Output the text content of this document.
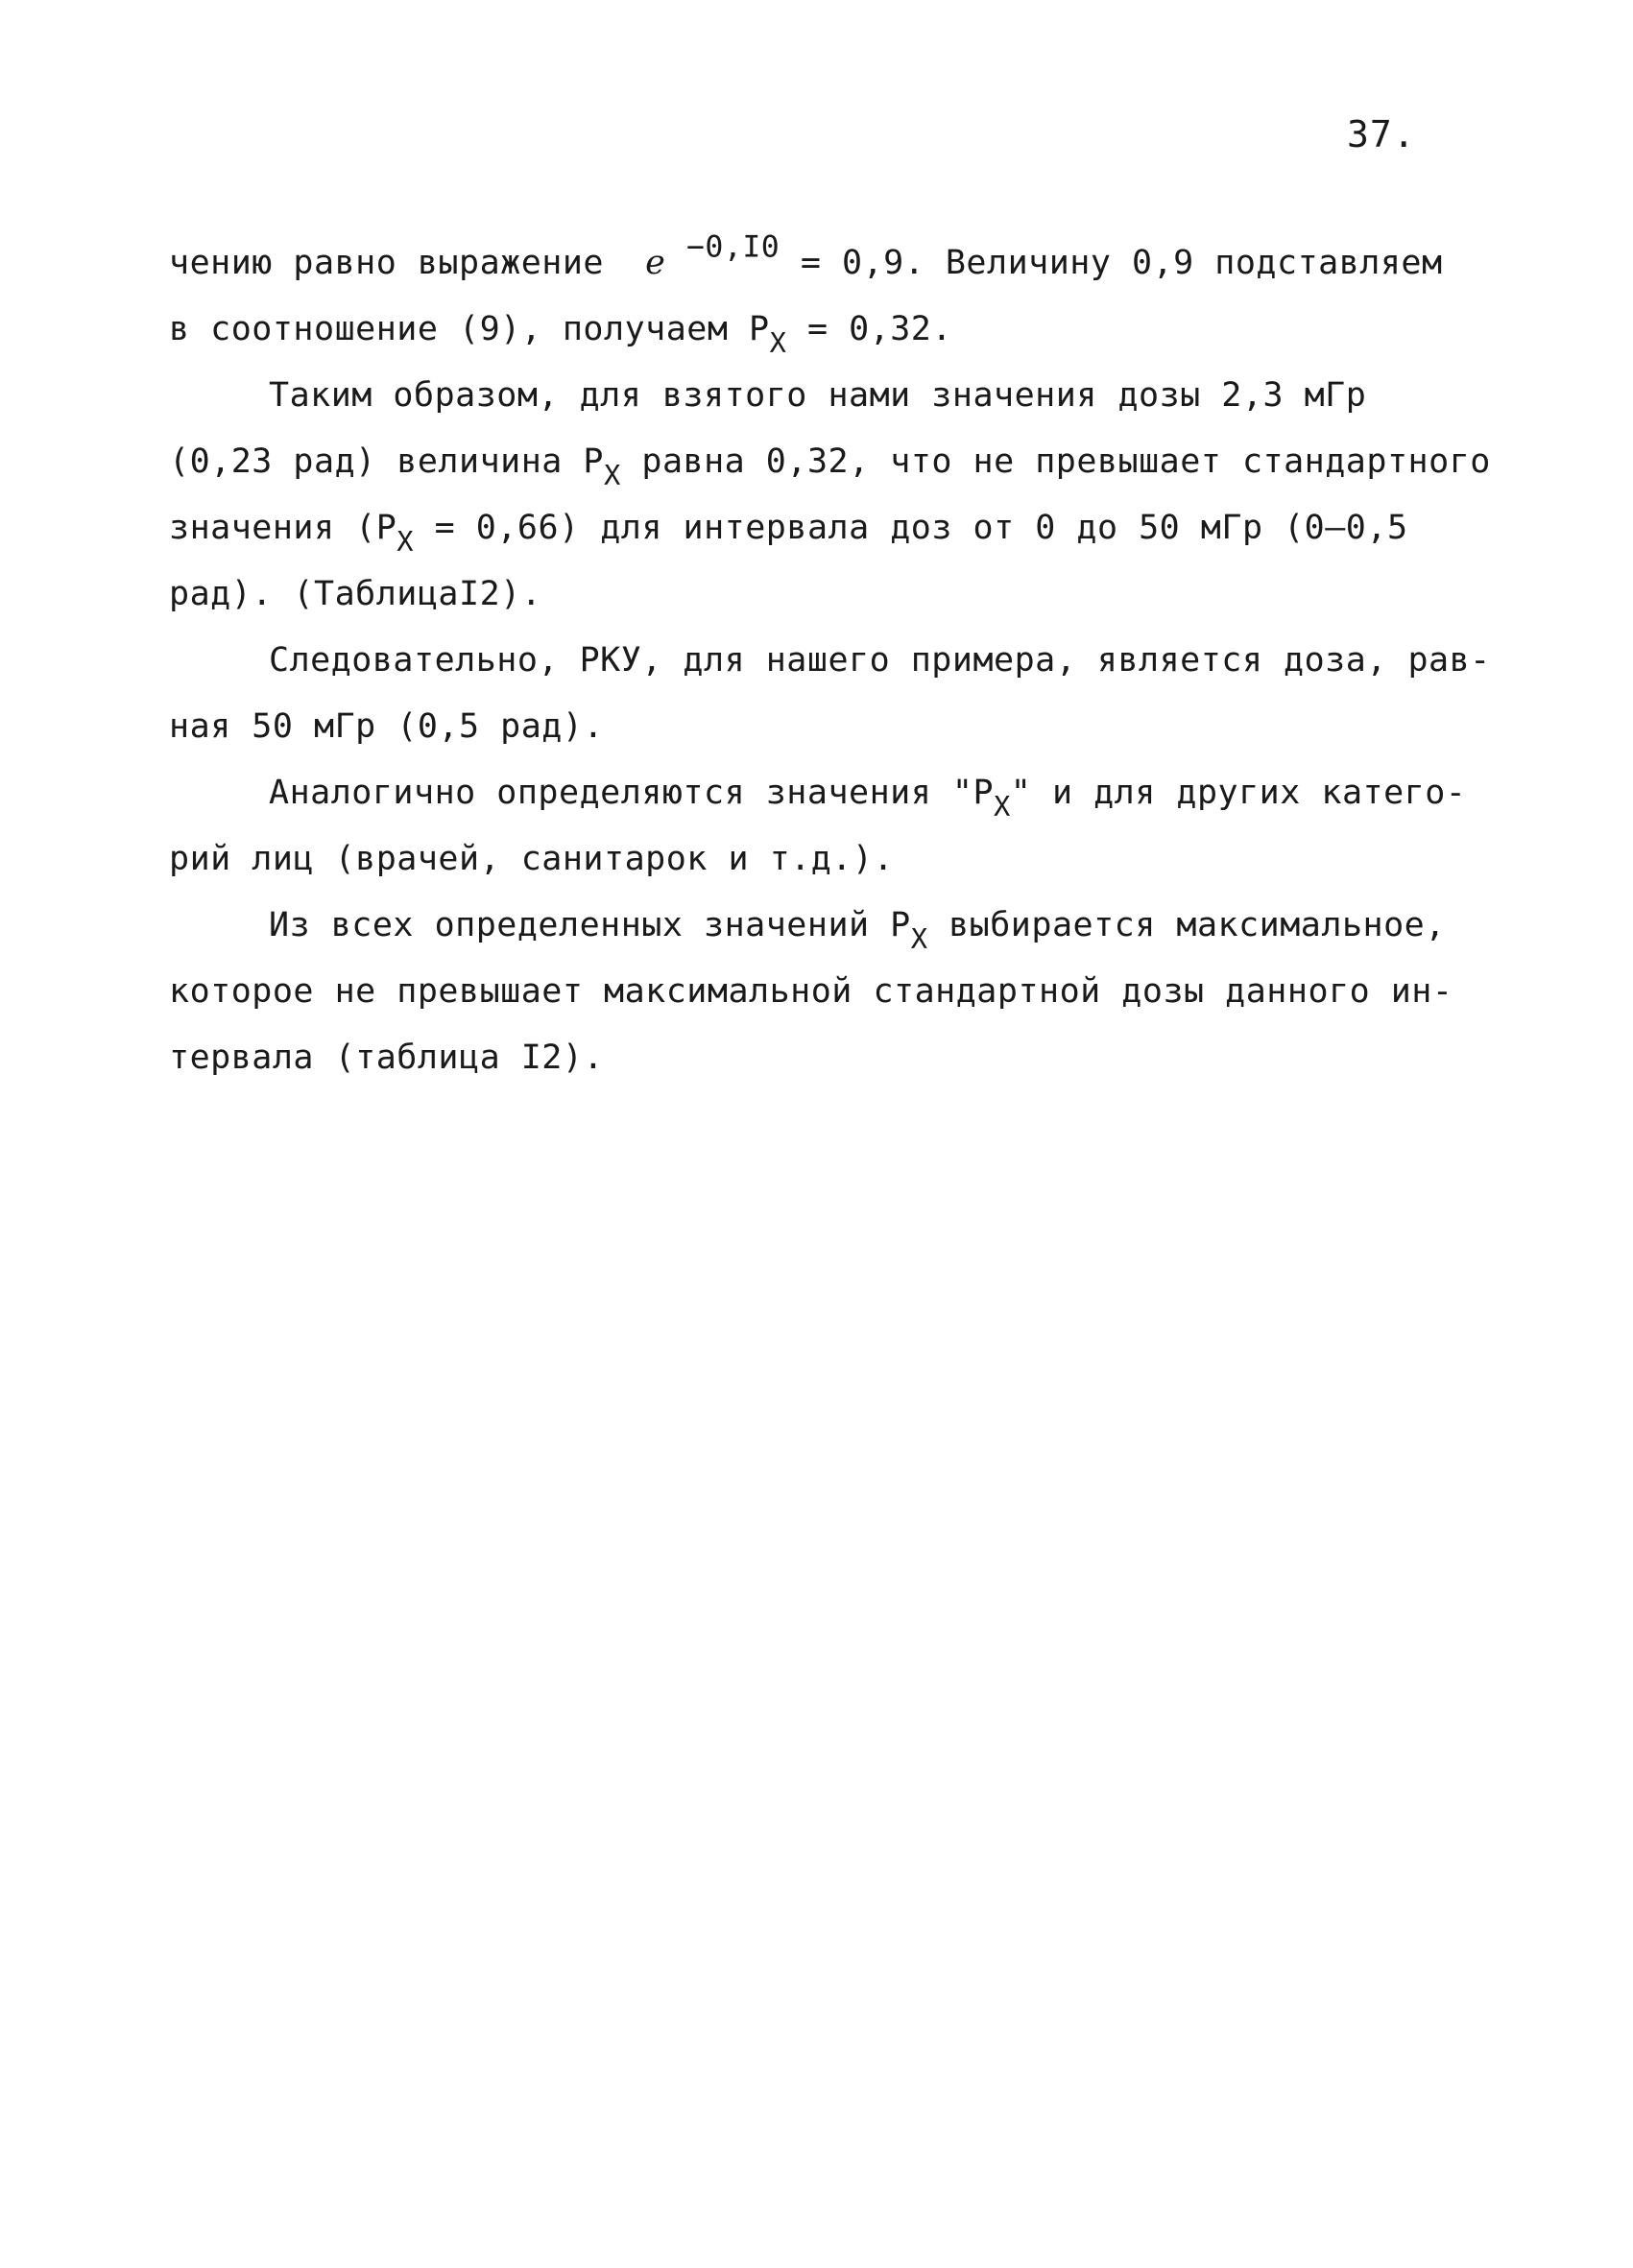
37.
чению равно выражение  ℯ $^{-0,I0}$ = 0,9. Величину 0,9 подставляем
в соотношение (9), получаем $Р_Х = 0,32$.
Таким образом, для взятого нами значения дозы 2,3 мГр
(0,23 рад) величина $Р_Х$ равна 0,32, что не превышает стандартного
значения $(Р_Х = 0,66)$ для интервала доз от 0 до 50 мГр (0–0,5
рад). (ТаблицаI2).
Следовательно, РКУ, для нашего примера, является доза, рав-
ная 50 мГр (0,5 рад).
Аналогично определяются значения "$Р_Х$" и для других катего-
рий лиц (врачей, санитарок и т.д.).
Из всех определенных значений $Р_Х$ выбирается максимальное,
которое не превышает максимальной стандартной дозы данного ин-
тервала (таблица I2).
